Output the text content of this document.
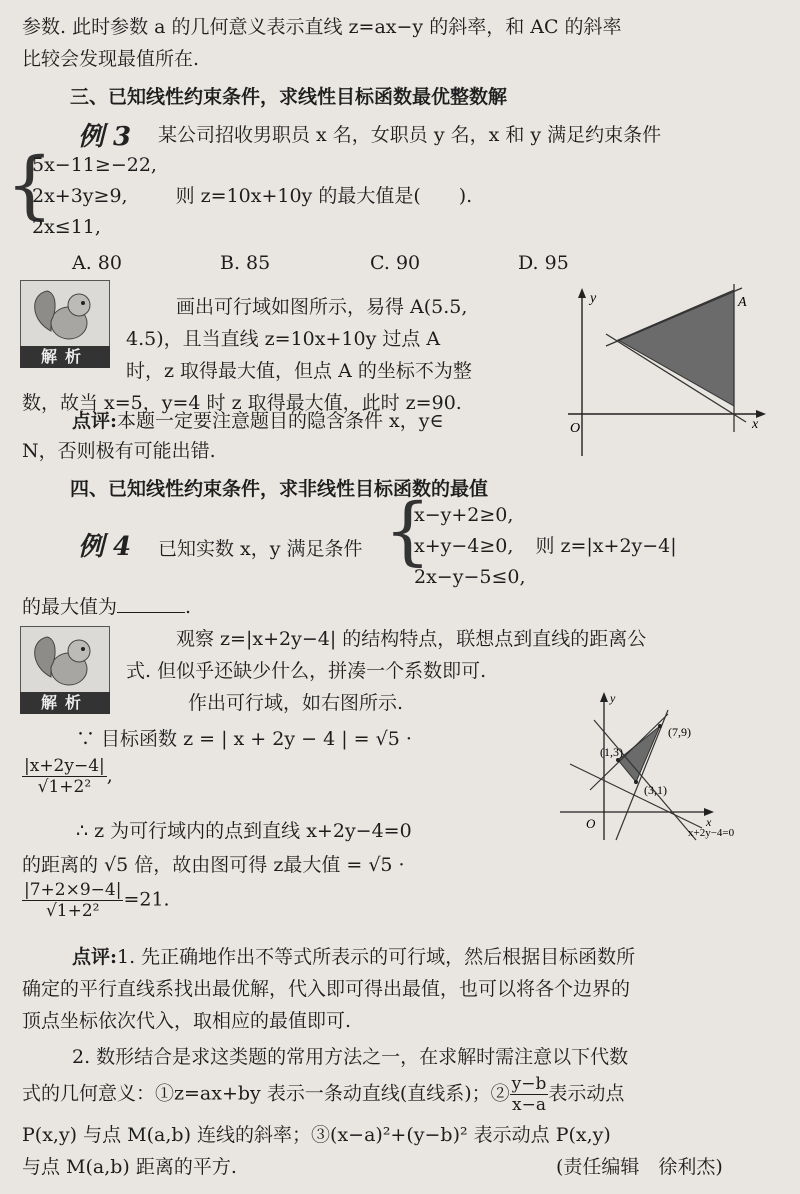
参数. 此时参数 a 的几何意义表示直线 z=ax−y 的斜率，和 AC 的斜率
比较会发现最值所在.
三、已知线性约束条件，求线性目标函数最优整数解
例 3 某公司招收男职员 x 名，女职员 y 名，x 和 y 满足约束条件
{
5x−11≥−22,
2x+3y≥9,	则 z=10x+10y 的最大值是(　　).
2x≤11,
A. 80	B. 85	C. 90	D. 95
解析
画出可行域如图所示，易得 A(5.5,
4.5)，且当直线 z=10x+10y 过点 A
时，z 取得最大值，但点 A 的坐标不为整
数，故当 x=5，y=4 时 z 取得最大值，此时 z=90.
y
x
A
O
点评:本题一定要注意题目的隐含条件 x，y∈
N，否则极有可能出错.
四、已知线性约束条件，求非线性目标函数的最值
例 4 已知实数 x，y 满足条件 {
x−y+2≥0,
x+y−4≥0, 则 z=|x+2y−4|
2x−y−5≤0,
的最大值为	.
解析
观察 z=|x+2y−4| 的结构特点，联想点到直线的距离公
式. 但似乎还缺少什么，拼凑一个系数即可.
作出可行域，如右图所示.
∵ 目标函数 z = | x + 2y − 4 | = √5 ·
$\frac{|x+2y-4|}{\text{√1+2²}}$ ,
∴ z 为可行域内的点到直线 x+2y−4=0
的距离的 √5 倍，故由图可得 z最大值 = √5 ·
$\frac{|7+2\times 9-4|}{\text{√1+2²}} =21$.
y
x
O
(7,9)
(1,3)
(3,1)
x+2y−4=0
点评:1. 先正确地作出不等式所表示的可行域，然后根据目标函数所
确定的平行直线系找出最优解，代入即可得出最值，也可以将各个边界的
顶点坐标依次代入，取相应的最值即可.
2. 数形结合是求这类题的常用方法之一，在求解时需注意以下代数
式的几何意义：①z=ax+by 表示一条动直线(直线系)；② $\frac{y-b}{x-a}$ 表示动点
P(x,y) 与点 M(a,b) 连线的斜率；③(x−a)²+(y−b)² 表示动点 P(x,y)
与点 M(a,b) 距离的平方.	(责任编辑　徐利杰)
